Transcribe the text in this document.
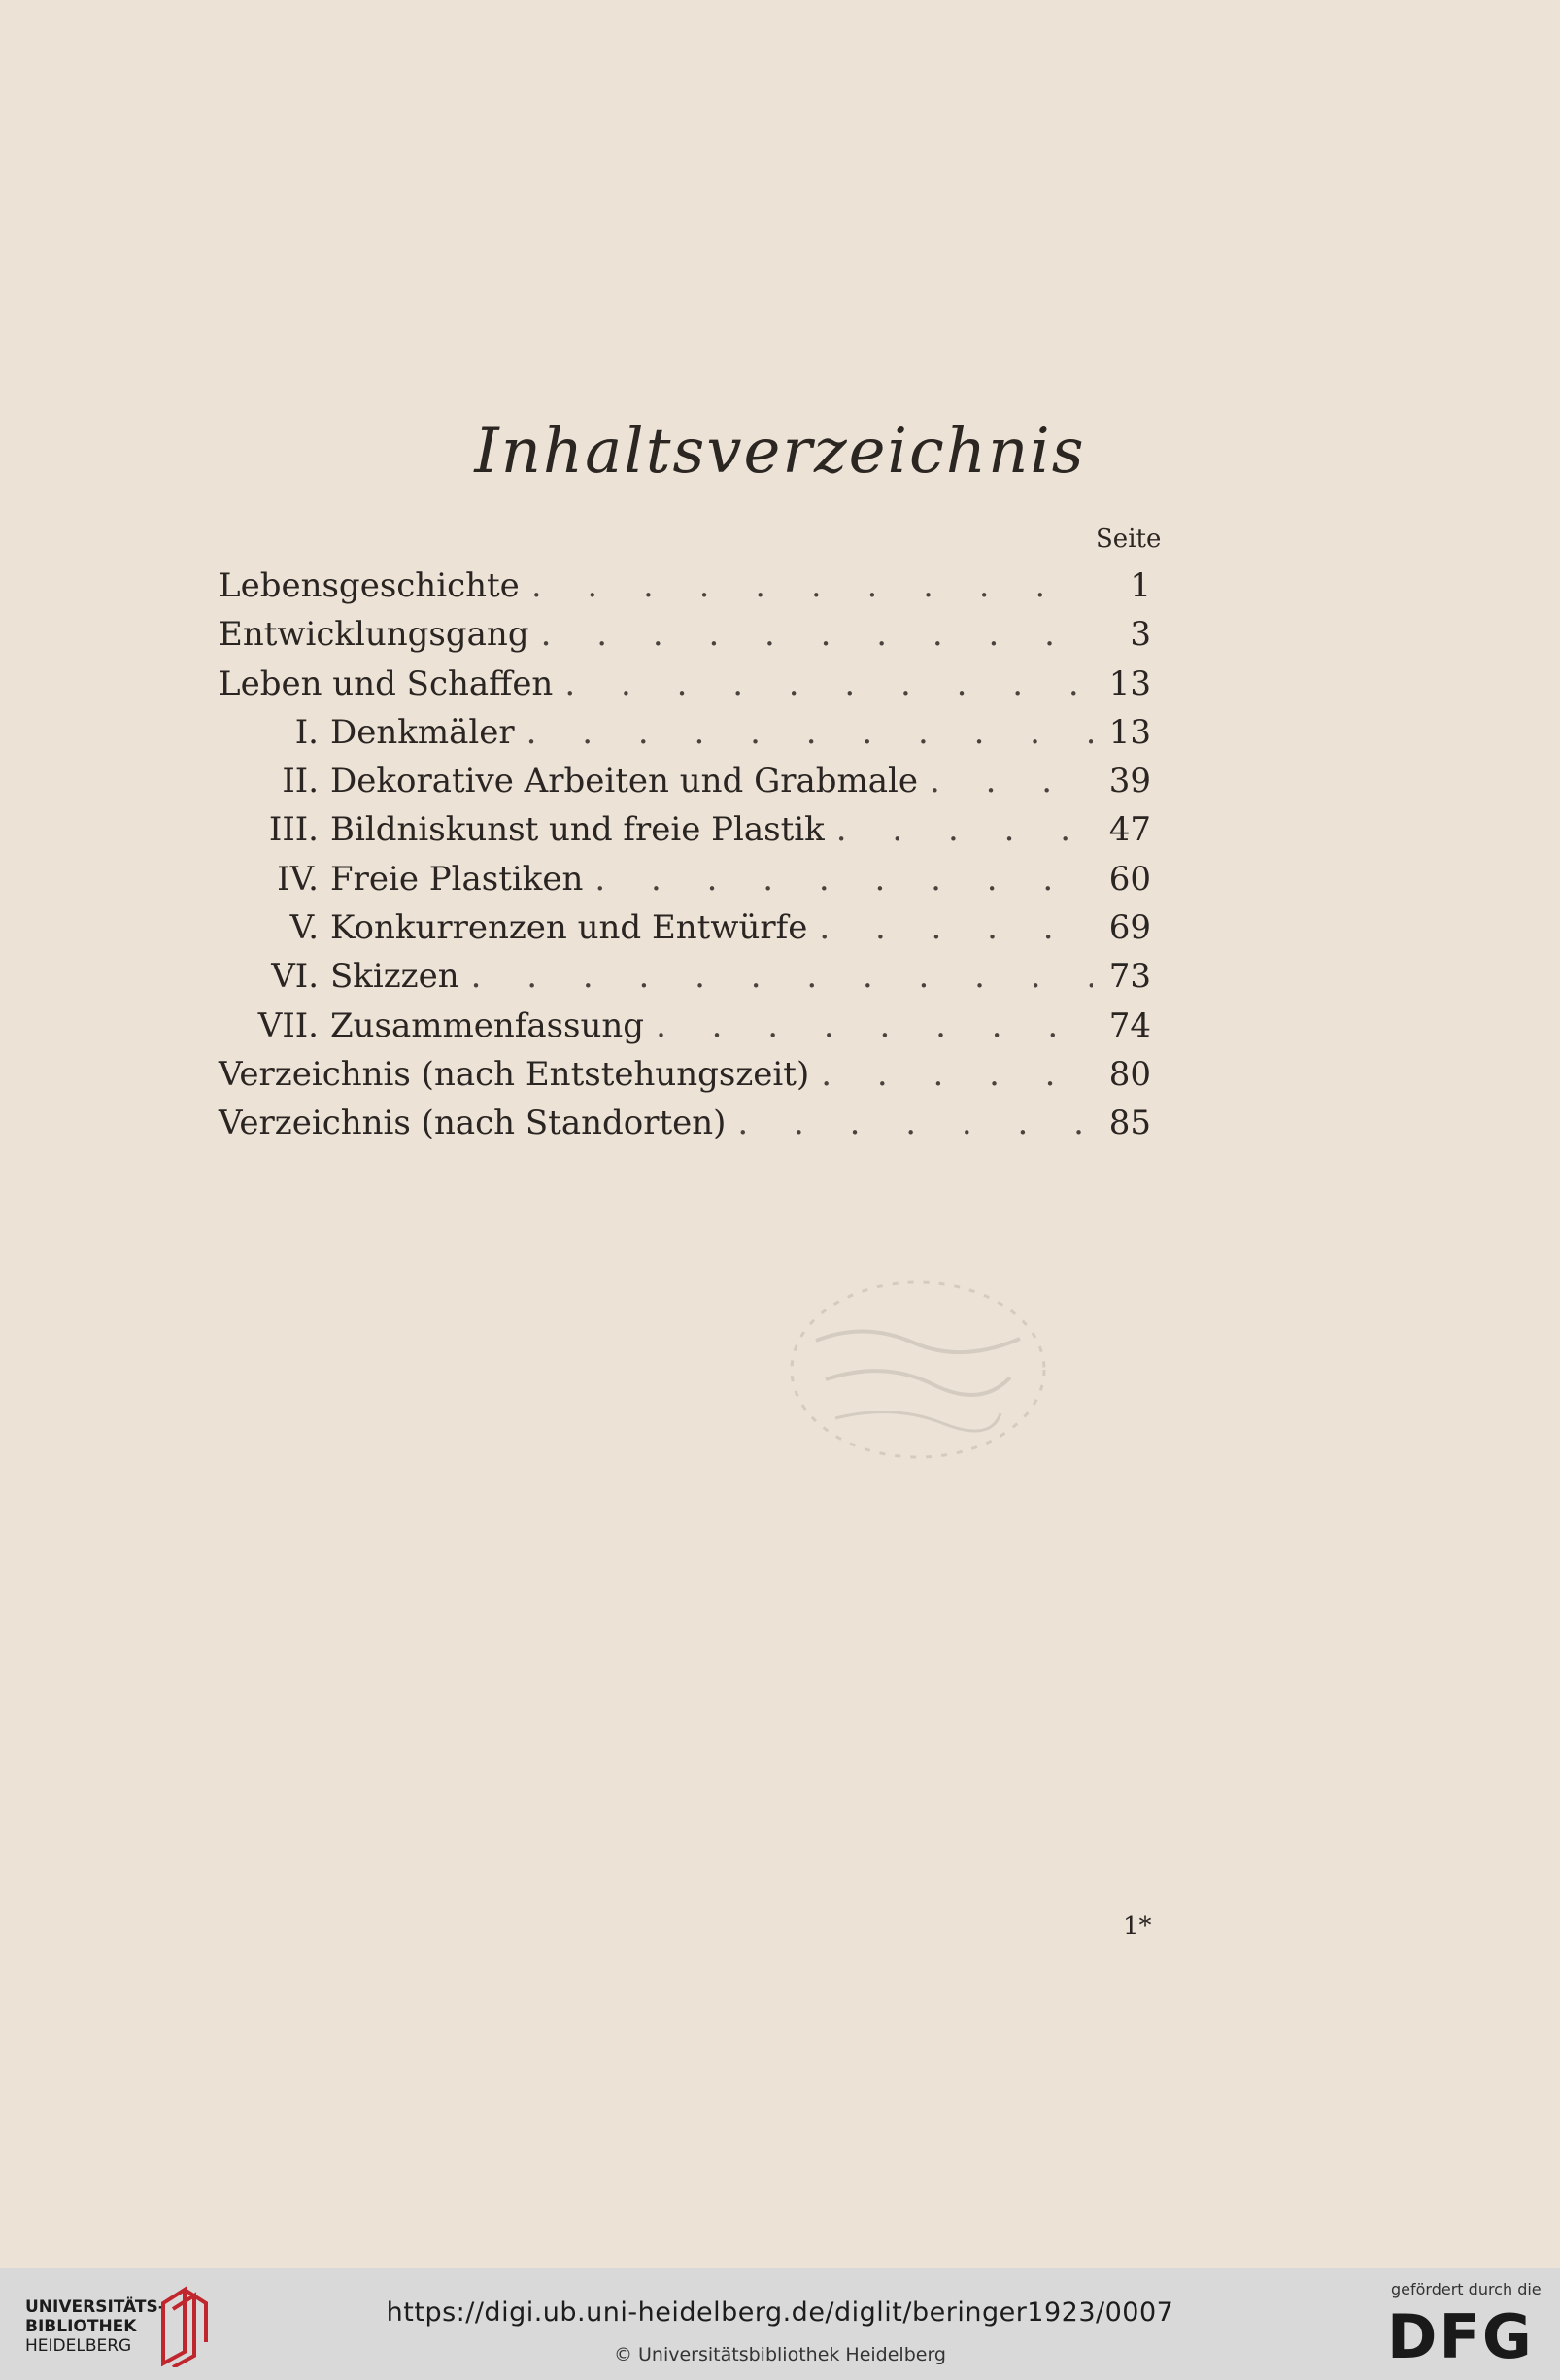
Inhaltsverzeichnis
Seite
Lebensgeschichte . . .	1
Entwicklungsgang . . .	3
Leben und Schaffen . . .	13
I. Denkmäler . . .	13
II. Dekorative Arbeiten und Grabmale . . .	39
III. Bildniskunst und freie Plastik . . .	47
IV. Freie Plastiken . . .	60
V. Konkurrenzen und Entwürfe . . .	69
VI. Skizzen . . .	73
VII. Zusammenfassung . . .	74
Verzeichnis (nach Entstehungszeit) . . .	80
Verzeichnis (nach Standorten) . . .	85
1*
UNIVERSITÄTS-
BIBLIOTHEK
HEIDELBERG
https://digi.ub.uni-heidelberg.de/diglit/beringer1923/0007
© Universitätsbibliothek Heidelberg
gefördert durch die
DFG
